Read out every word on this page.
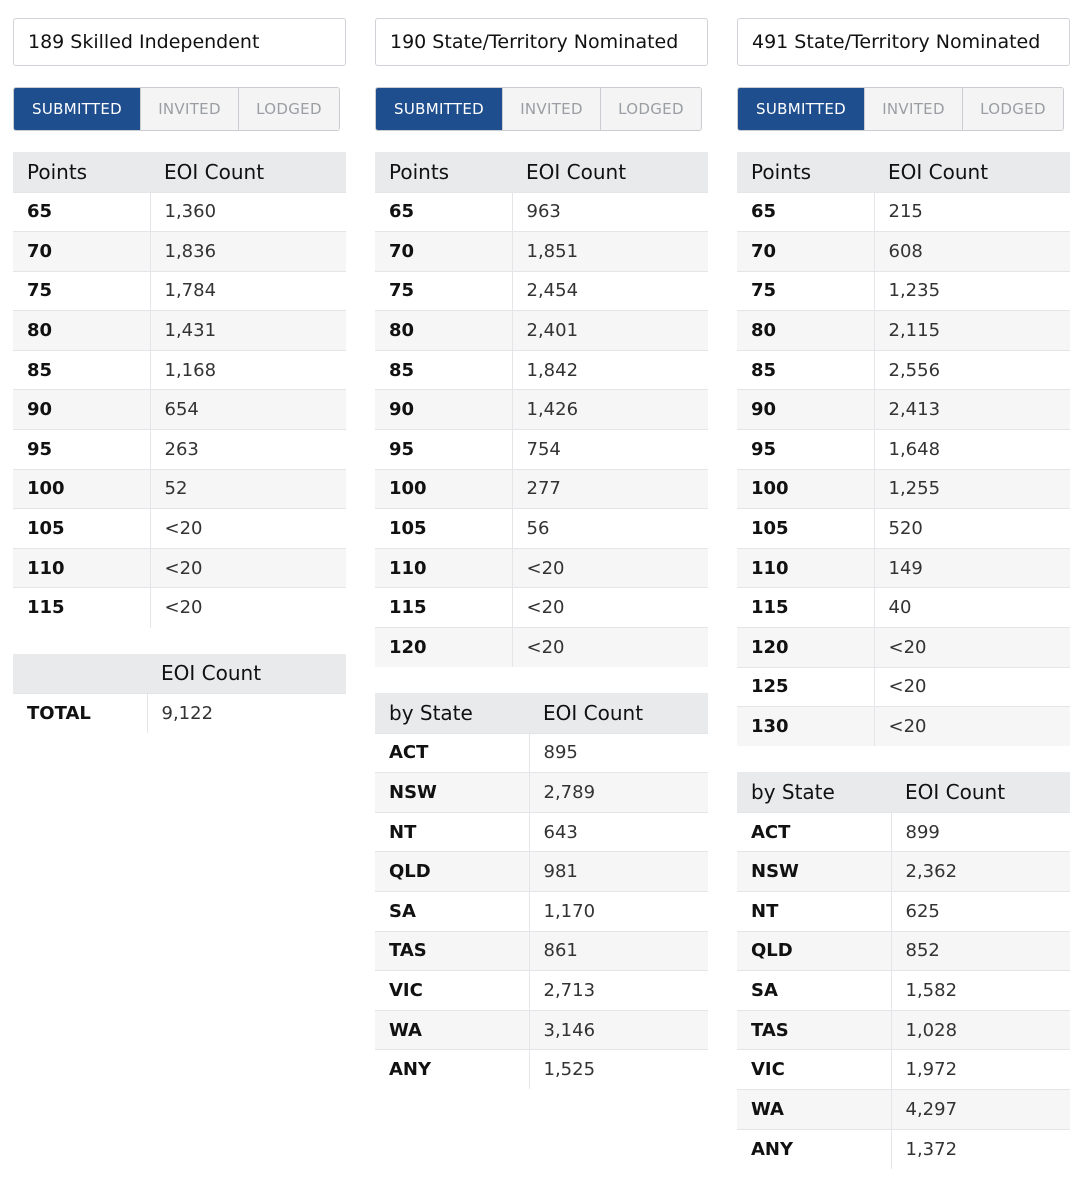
189 Skilled Independent
SUBMITTED	INVITED	LODGED
Points	EOI Count
65	1,360
70	1,836
75	1,784
80	1,431
85	1,168
90	654
95	263
100	52
105	<20
110	<20
115	<20
	EOI Count
TOTAL	9,122
190 State/Territory Nominated
SUBMITTED	INVITED	LODGED
Points	EOI Count
65	963
70	1,851
75	2,454
80	2,401
85	1,842
90	1,426
95	754
100	277
105	56
110	<20
115	<20
120	<20
by State	EOI Count
ACT	895
NSW	2,789
NT	643
QLD	981
SA	1,170
TAS	861
VIC	2,713
WA	3,146
ANY	1,525
491 State/Territory Nominated
SUBMITTED	INVITED	LODGED
Points	EOI Count
65	215
70	608
75	1,235
80	2,115
85	2,556
90	2,413
95	1,648
100	1,255
105	520
110	149
115	40
120	<20
125	<20
130	<20
by State	EOI Count
ACT	899
NSW	2,362
NT	625
QLD	852
SA	1,582
TAS	1,028
VIC	1,972
WA	4,297
ANY	1,372
